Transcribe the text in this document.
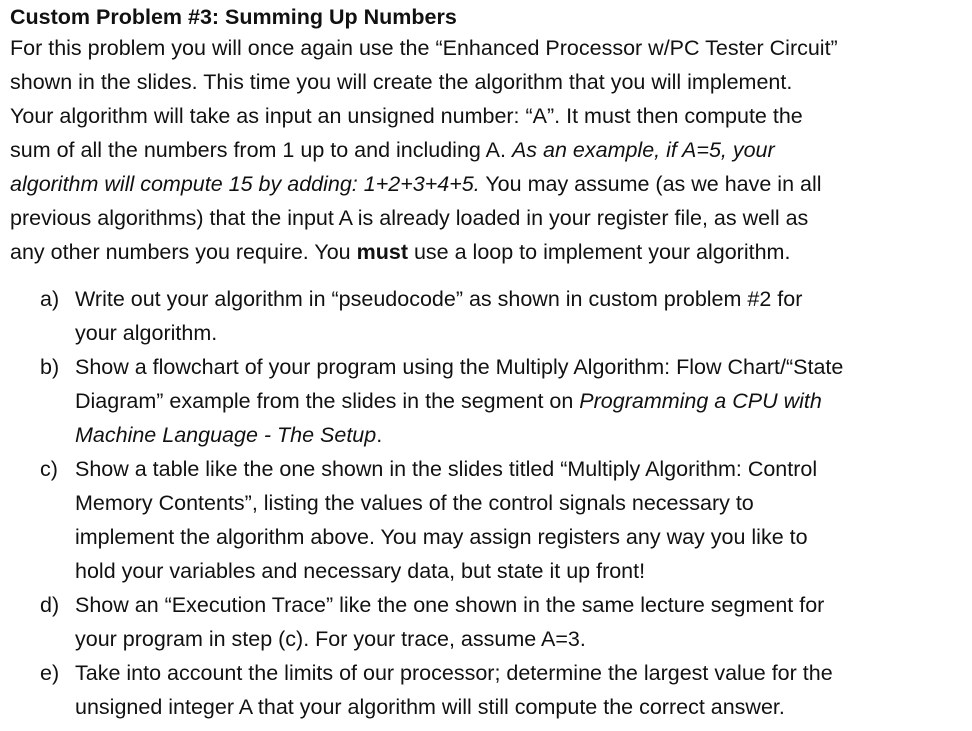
Custom Problem #3: Summing Up Numbers

For this problem you will once again use the “Enhanced Processor w/PC Tester Circuit”
shown in the slides. This time you will create the algorithm that you will implement.
Your algorithm will take as input an unsigned number: “A”. It must then compute the
sum of all the numbers from 1 up to and including A. As an example, if A=5, your
algorithm will compute 15 by adding: 1+2+3+4+5. You may assume (as we have in all
previous algorithms) that the input A is already loaded in your register file, as well as
any other numbers you require. You must use a loop to implement your algorithm.

a) Write out your algorithm in “pseudocode” as shown in custom problem #2 for
your algorithm.
b) Show a flowchart of your program using the Multiply Algorithm: Flow Chart/“State
Diagram” example from the slides in the segment on Programming a CPU with
Machine Language - The Setup.
c) Show a table like the one shown in the slides titled “Multiply Algorithm: Control
Memory Contents”, listing the values of the control signals necessary to
implement the algorithm above. You may assign registers any way you like to
hold your variables and necessary data, but state it up front!
d) Show an “Execution Trace” like the one shown in the same lecture segment for
your program in step (c). For your trace, assume A=3.
e) Take into account the limits of our processor; determine the largest value for the
unsigned integer A that your algorithm will still compute the correct answer.
